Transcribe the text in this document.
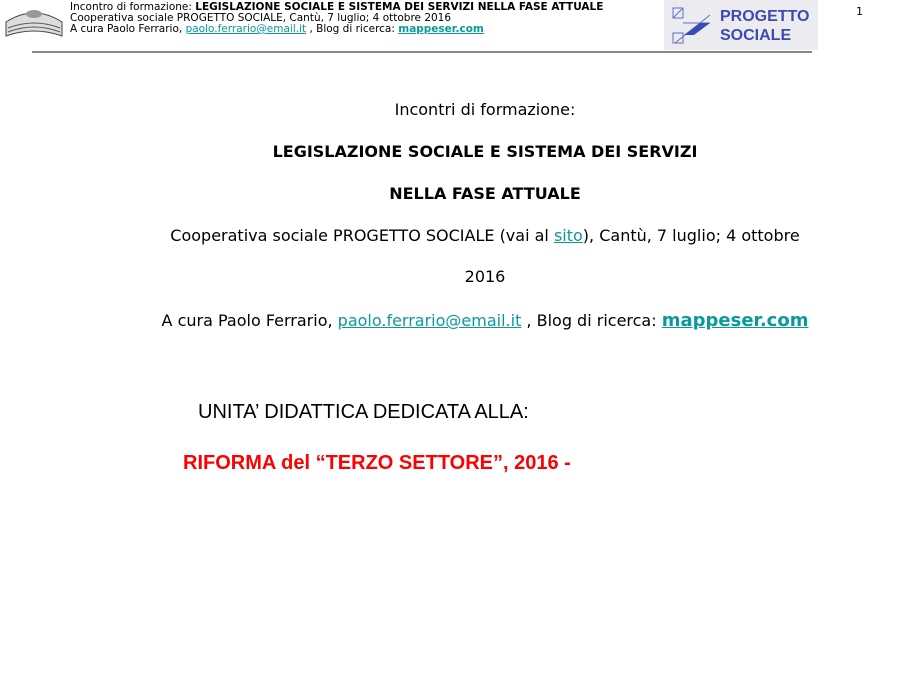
Incontro di formazione: LEGISLAZIONE SOCIALE E SISTEMA DEI SERVIZI NELLA FASE ATTUALE
Cooperativa sociale PROGETTO SOCIALE, Cantù, 7 luglio; 4 ottobre 2016
A cura Paolo Ferrario, paolo.ferrario@email.it , Blog di ricerca: mappeser.com
PROGETTO
SOCIALE
1
Incontri di formazione:
LEGISLAZIONE SOCIALE E SISTEMA DEI SERVIZI
NELLA FASE ATTUALE
Cooperativa sociale PROGETTO SOCIALE (vai al sito), Cantù, 7 luglio; 4 ottobre
2016
A cura Paolo Ferrario, paolo.ferrario@email.it , Blog di ricerca: mappeser.com
UNITA’ DIDATTICA DEDICATA ALLA:
RIFORMA del “TERZO SETTORE”, 2016 -
